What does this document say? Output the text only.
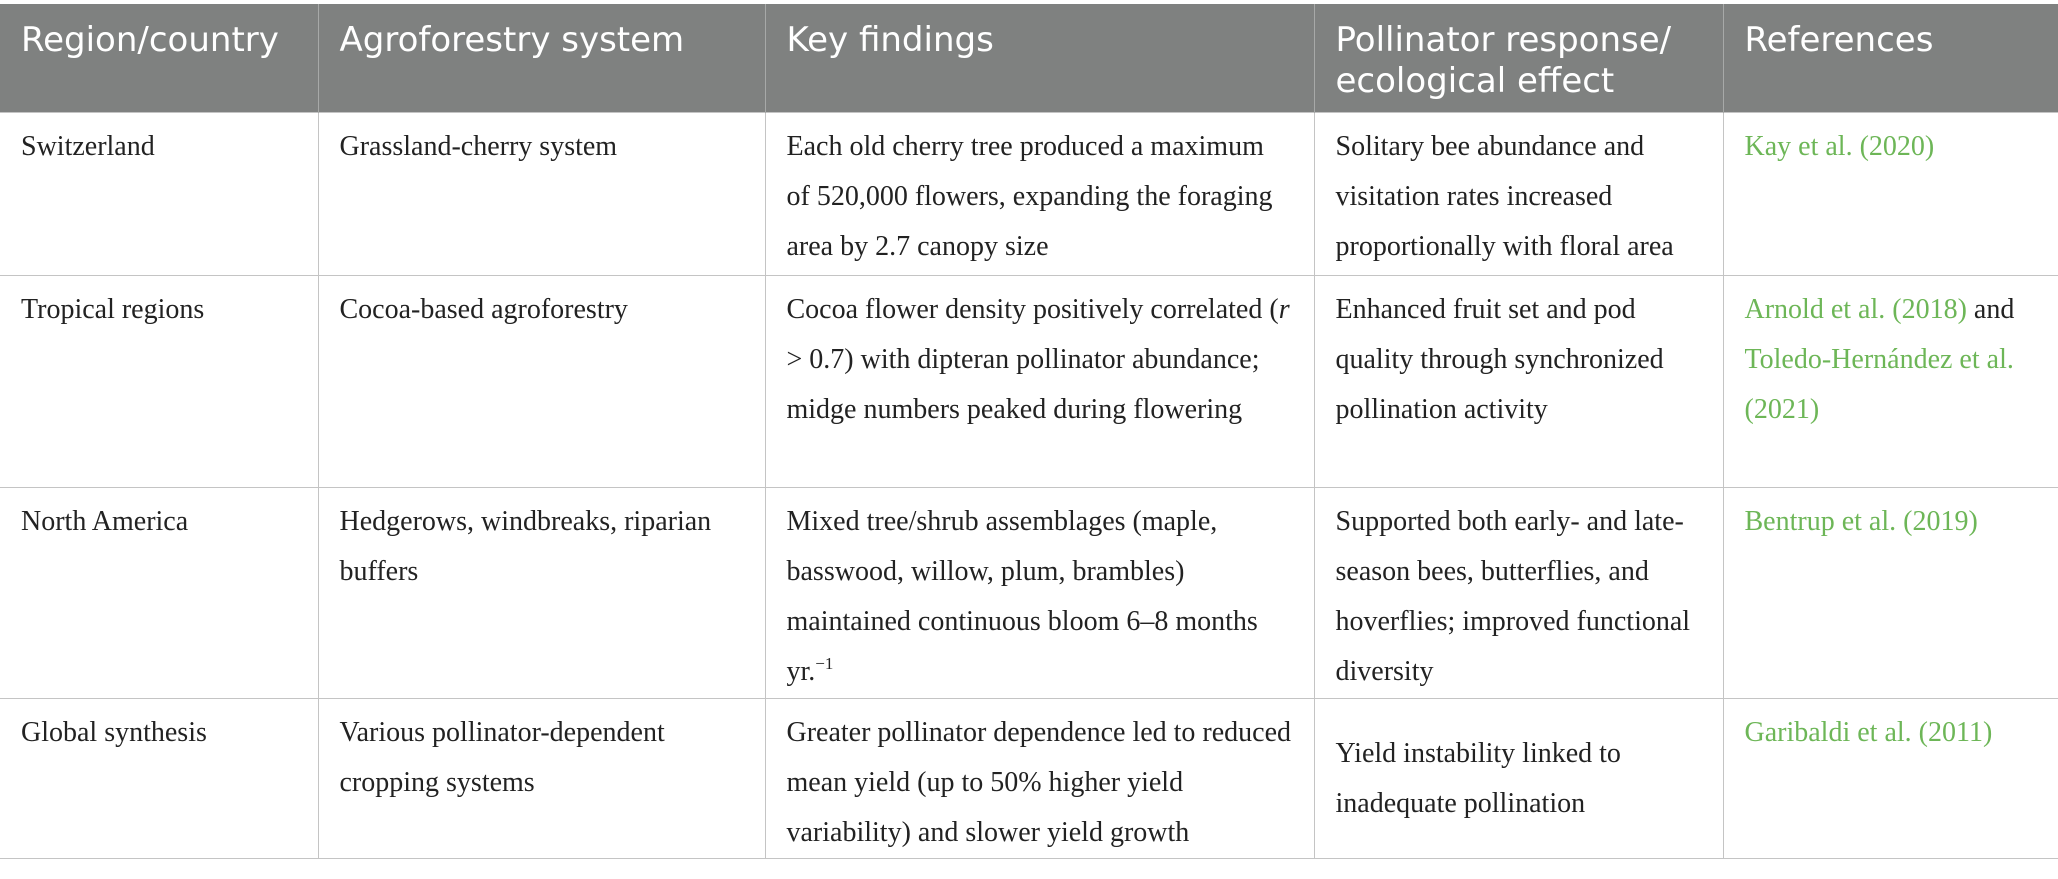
Region/country	Agroforestry system	Key findings	Pollinator response/ ecological effect	References
Switzerland	Grassland-cherry system	Each old cherry tree produced a maximum of 520,000 flowers, expanding the foraging area by 2.7 canopy size	Solitary bee abundance and visitation rates increased proportionally with floral area	Kay et al. (2020)
Tropical regions	Cocoa-based agroforestry	Cocoa flower density positively correlated (r > 0.7) with dipteran pollinator abundance; midge numbers peaked during flowering	Enhanced fruit set and pod quality through synchronized pollination activity	Arnold et al. (2018) and Toledo-Hernández et al. (2021)
North America	Hedgerows, windbreaks, riparian buffers	Mixed tree/shrub assemblages (maple, basswood, willow, plum, brambles) maintained continuous bloom 6–8 months yr.$^{-1}$	Supported both early- and late-season bees, butterflies, and hoverflies; improved functional diversity	Bentrup et al. (2019)
Global synthesis	Various pollinator-dependent cropping systems	Greater pollinator dependence led to reduced mean yield (up to 50% higher yield variability) and slower yield growth	Yield instability linked to inadequate pollination	Garibaldi et al. (2011)
